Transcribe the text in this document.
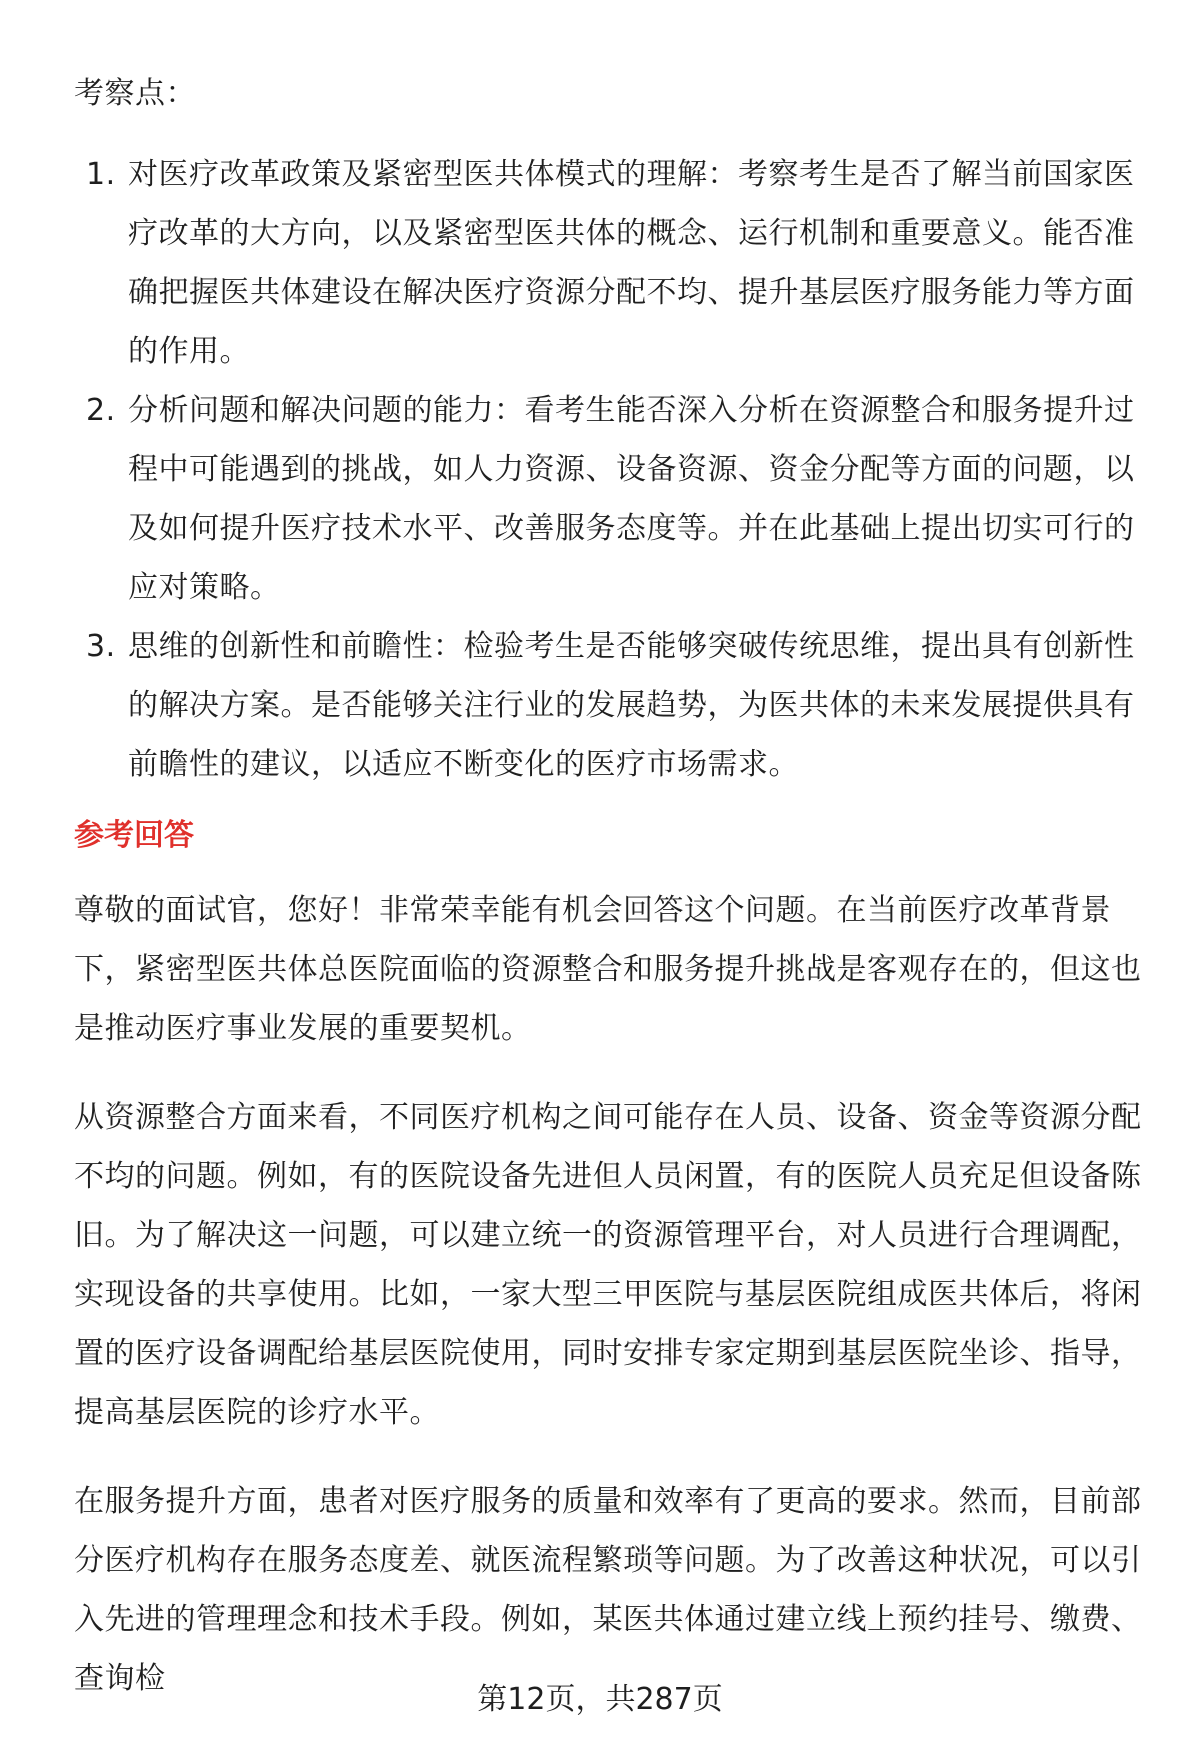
考察点：
1. 对医疗改革政策及紧密型医共体模式的理解：考察考生是否了解当前国家医疗改革的大方向，以及紧密型医共体的概念、运行机制和重要意义。能否准确把握医共体建设在解决医疗资源分配不均、提升基层医疗服务能力等方面的作用。
2. 分析问题和解决问题的能力：看考生能否深入分析在资源整合和服务提升过程中可能遇到的挑战，如人力资源、设备资源、资金分配等方面的问题，以及如何提升医疗技术水平、改善服务态度等。并在此基础上提出切实可行的应对策略。
3. 思维的创新性和前瞻性：检验考生是否能够突破传统思维，提出具有创新性的解决方案。是否能够关注行业的发展趋势，为医共体的未来发展提供具有前瞻性的建议，以适应不断变化的医疗市场需求。
参考回答

尊敬的面试官，您好！非常荣幸能有机会回答这个问题。在当前医疗改革背景下，紧密型医共体总医院面临的资源整合和服务提升挑战是客观存在的，但这也是推动医疗事业发展的重要契机。

从资源整合方面来看，不同医疗机构之间可能存在人员、设备、资金等资源分配不均的问题。例如，有的医院设备先进但人员闲置，有的医院人员充足但设备陈旧。为了解决这一问题，可以建立统一的资源管理平台，对人员进行合理调配，实现设备的共享使用。比如，一家大型三甲医院与基层医院组成医共体后，将闲置的医疗设备调配给基层医院使用，同时安排专家定期到基层医院坐诊、指导，提高基层医院的诊疗水平。

在服务提升方面，患者对医疗服务的质量和效率有了更高的要求。然而，目前部分医疗机构存在服务态度差、就医流程繁琐等问题。为了改善这种状况，可以引入先进的管理理念和技术手段。例如，某医共体通过建立线上预约挂号、缴费、查询检

第12页，共287页
